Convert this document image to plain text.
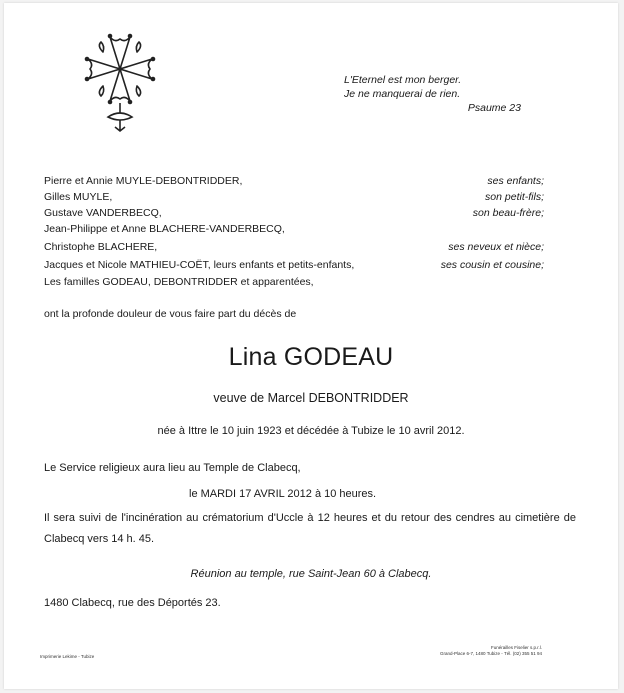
L'Eternel est mon berger.
Je ne manquerai de rien.
Psaume 23
Pierre et Annie MUYLE-DEBONTRIDDER,	ses enfants;
Gilles MUYLE,	son petit-fils;
Gustave VANDERBECQ,	son beau-frère;
Jean-Philippe et Anne BLACHERE-VANDERBECQ,
Christophe BLACHERE,	ses neveux et nièce;
Jacques et Nicole MATHIEU-COËT, leurs enfants et petits-enfants,	ses cousin et cousine;
Les familles GODEAU, DEBONTRIDDER et apparentées,
ont la profonde douleur de vous faire part du décès de
Lina GODEAU
veuve de Marcel DEBONTRIDDER
née à Ittre le 10 juin 1923 et décédée à Tubize le 10 avril 2012.
Le Service religieux aura lieu au Temple de Clabecq,
le MARDI 17 AVRIL 2012 à 10 heures.
Il sera suivi de l'incinération au crématorium d'Uccle à 12 heures et du retour des cendres au cimetière de Clabecq vers 14 h. 45.
Réunion au temple, rue Saint-Jean 60 à Clabecq.
1480 Clabecq, rue des Déportés 23.
Imprimerie Lekime - Tubize
Funérailles Fiselier s.p.r.l.
Grand-Place 6-7, 1480 Tubize - Tél. (02) 355 51 94
